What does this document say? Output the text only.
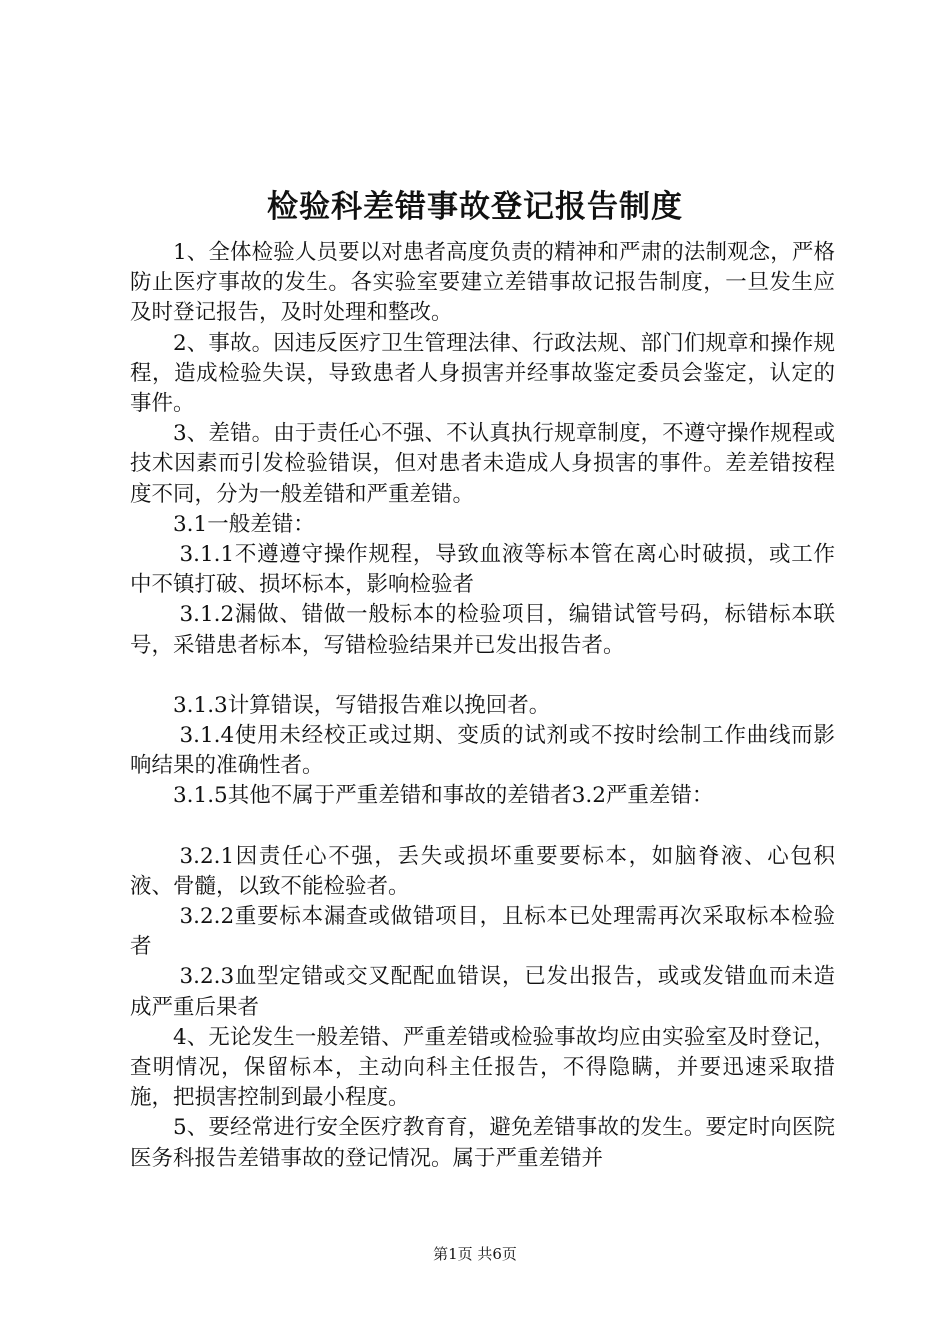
检验科差错事故登记报告制度

1、全体检验人员要以对患者高度负责的精神和严肃的法制观念，严格防止医疗事故的发生。各实验室要建立差错事故记报告制度，一旦发生应及时登记报告，及时处理和整改。

2、事故。因违反医疗卫生管理法律、行政法规、部门们规章和操作规程，造成检验失误，导致患者人身损害并经事故鉴定委员会鉴定，认定的事件。

3、差错。由于责任心不强、不认真执行规章制度，不遵守操作规程或技术因素而引发检验错误，但对患者未造成人身损害的事件。差差错按程度不同，分为一般差错和严重差错。

3.1一般差错：

3.1.1不遵遵守操作规程，导致血液等标本管在离心时破损，或工作中不镇打破、损坏标本，影响检验者

3.1.2漏做、错做一般标本的检验项目，编错试管号码，标错标本联号，采错患者标本，写错检验结果并已发出报告者。

3.1.3计算错误，写错报告难以挽回者。

3.1.4使用未经校正或过期、变质的试剂或不按时绘制工作曲线而影响结果的准确性者。

3.1.5其他不属于严重差错和事故的差错者3.2严重差错：

3.2.1因责任心不强，丢失或损坏重要要标本，如脑脊液、心包积液、骨髓，以致不能检验者。

3.2.2重要标本漏查或做错项目，且标本已处理需再次采取标本检验者

3.2.3血型定错或交叉配配血错误，已发出报告，或或发错血而未造成严重后果者

4、无论发生一般差错、严重差错或检验事故均应由实验室及时登记，查明情况，保留标本，主动向科主任报告，不得隐瞒，并要迅速采取措施，把损害控制到最小程度。

5、要经常进行安全医疗教育育，避免差错事故的发生。要定时向医院医务科报告差错事故的登记情况。属于严重差错并

第1页 共6页
